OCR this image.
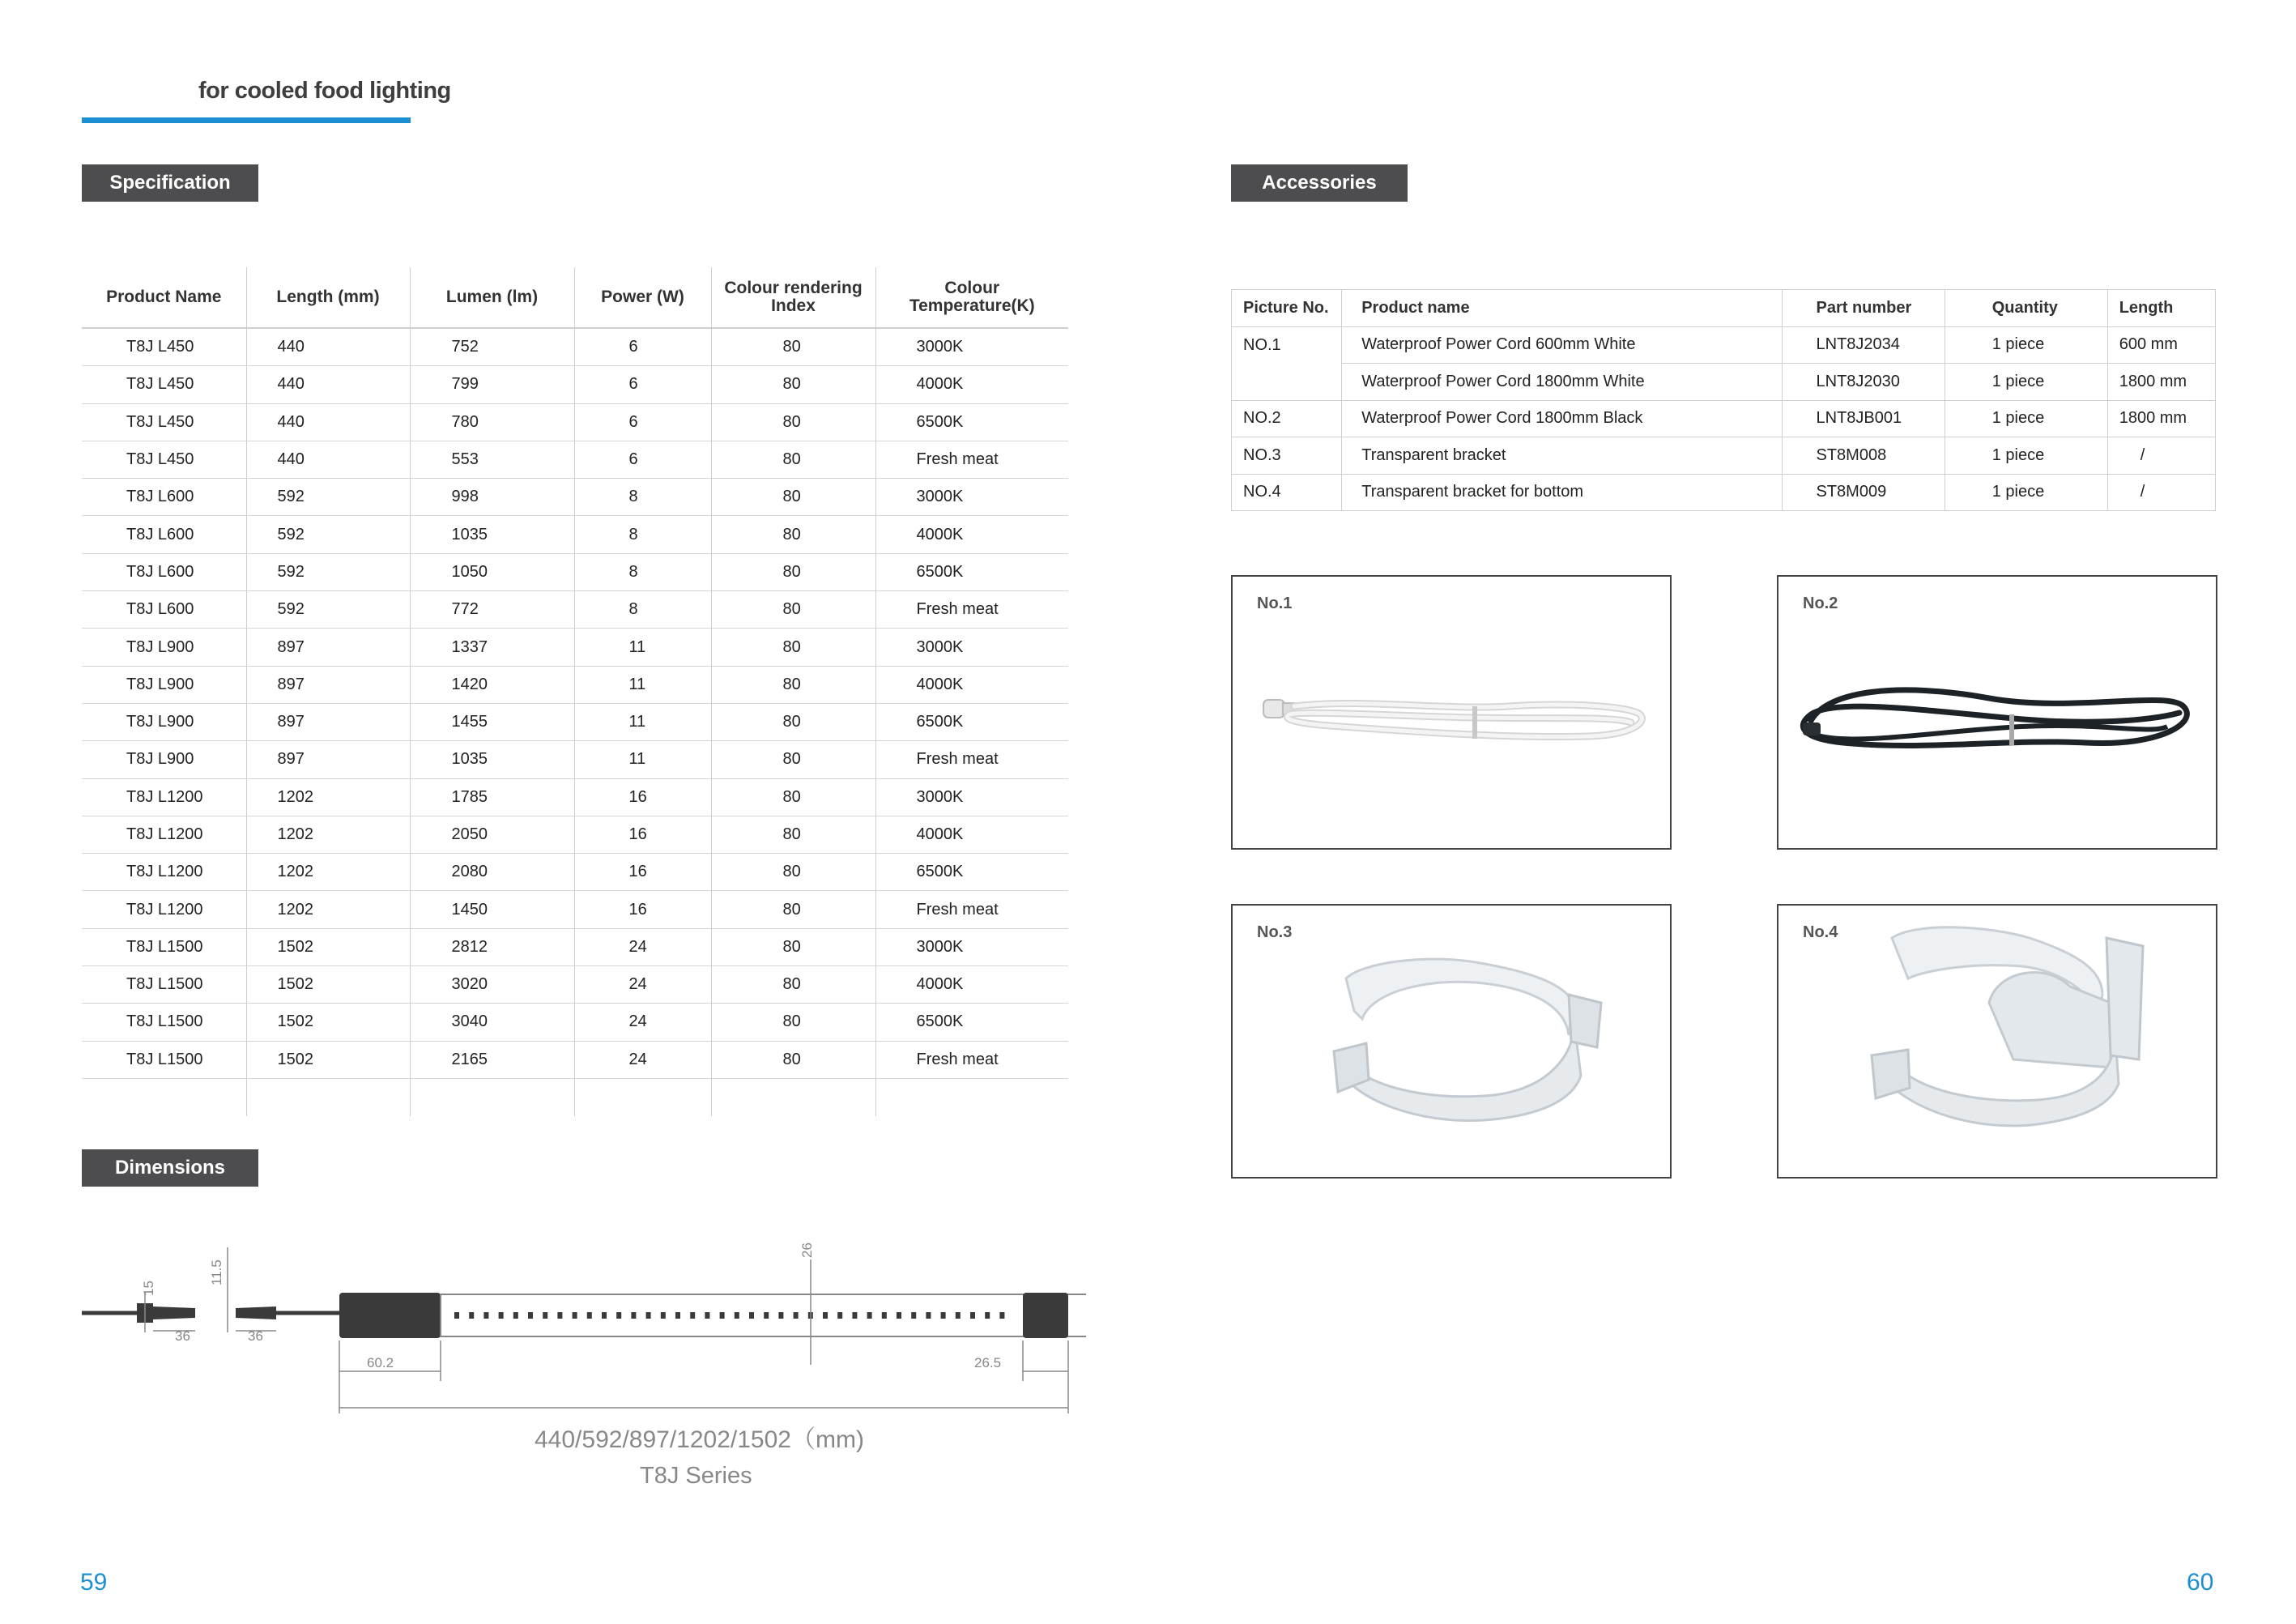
for cooled food lighting
Specification	Accessories
Dimensions
Product Name	Length (mm)	Lumen (lm)	Power (W)	Colour rendering Index	Colour Temperature(K)
T8J L450	440	752	6	80	3000K
T8J L450	440	799	6	80	4000K
T8J L450	440	780	6	80	6500K
T8J L450	440	553	6	80	Fresh meat
T8J L600	592	998	8	80	3000K
T8J L600	592	1035	8	80	4000K
T8J L600	592	1050	8	80	6500K
T8J L600	592	772	8	80	Fresh meat
T8J L900	897	1337	11	80	3000K
T8J L900	897	1420	11	80	4000K
T8J L900	897	1455	11	80	6500K
T8J L900	897	1035	11	80	Fresh meat
T8J L1200	1202	1785	16	80	3000K
T8J L1200	1202	2050	16	80	4000K
T8J L1200	1202	2080	16	80	6500K
T8J L1200	1202	1450	16	80	Fresh meat
T8J L1500	1502	2812	24	80	3000K
T8J L1500	1502	3020	24	80	4000K
T8J L1500	1502	3040	24	80	6500K
T8J L1500	1502	2165	24	80	Fresh meat

Picture No.	Product name	Part number	Quantity	Length
NO.1	Waterproof Power Cord 600mm White	LNT8J2034	1 piece	600 mm
	Waterproof Power Cord 1800mm White	LNT8J2030	1 piece	1800 mm
NO.2	Waterproof Power Cord 1800mm Black	LNT8JB001	1 piece	1800 mm
NO.3	Transparent bracket	ST8M008	1 piece	/
NO.4	Transparent bracket for bottom	ST8M009	1 piece	/
No.1	No.2
No.3	No.4
15
11.5
36	36
26
60.2	26.5
440/592/897/1202/1502（mm)
T8J Series
59	60
